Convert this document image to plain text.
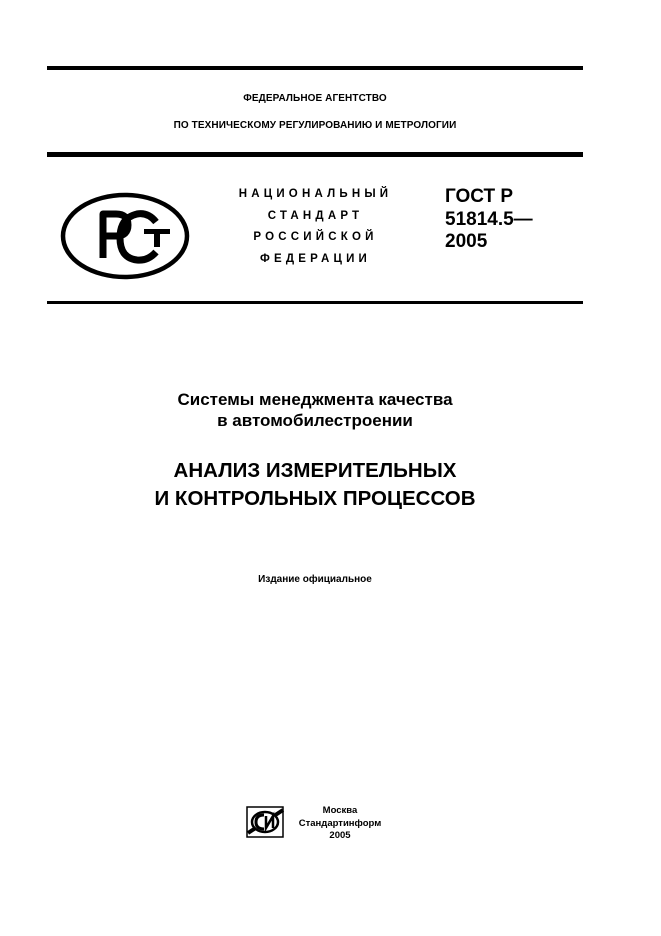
ФЕДЕРАЛЬНОЕ АГЕНТСТВО
ПО ТЕХНИЧЕСКОМУ РЕГУЛИРОВАНИЮ И МЕТРОЛОГИИ
РСТ
НАЦИОНАЛЬНЫЙ
СТАНДАРТ
РОССИЙСКОЙ
ФЕДЕРАЦИИ
ГОСТ Р
51814.5—
2005
Системы менеджмента качества
в автомобилестроении
АНАЛИЗ ИЗМЕРИТЕЛЬНЫХ
И КОНТРОЛЬНЫХ ПРОЦЕССОВ
Издание официальное
Москва
Стандартинформ
2005
